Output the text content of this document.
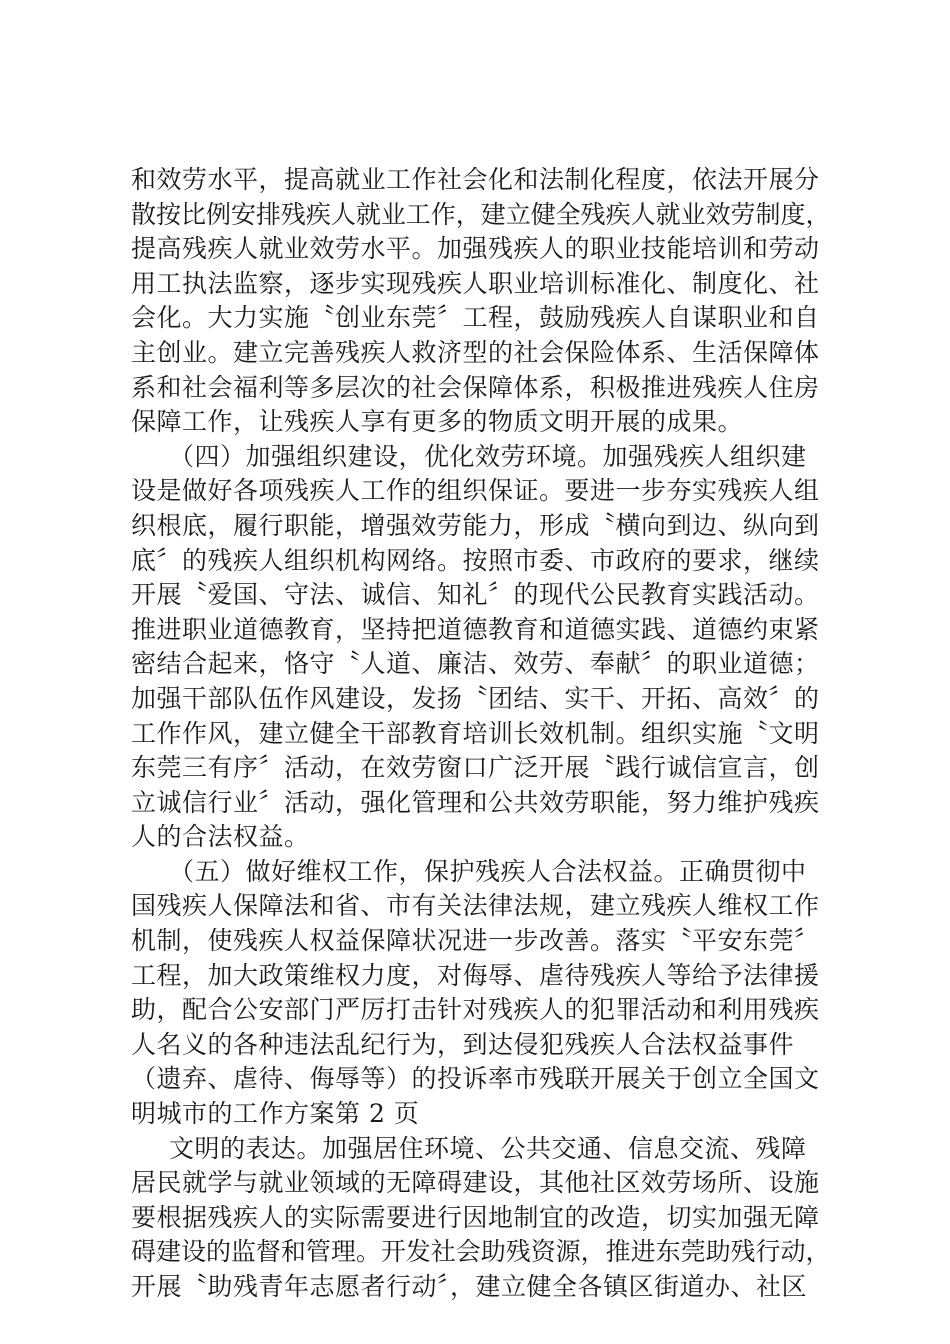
和效劳水平，提高就业工作社会化和法制化程度，依法开展分
散按比例安排残疾人就业工作，建立健全残疾人就业效劳制度，
提高残疾人就业效劳水平。加强残疾人的职业技能培训和劳动
用工执法监察，逐步实现残疾人职业培训标准化、制度化、社
会化。大力实施〝创业东莞〞工程，鼓励残疾人自谋职业和自
主创业。建立完善残疾人救济型的社会保险体系、生活保障体
系和社会福利等多层次的社会保障体系，积极推进残疾人住房
保障工作，让残疾人享有更多的物质文明开展的成果。
（四）加强组织建设，优化效劳环境。加强残疾人组织建
设是做好各项残疾人工作的组织保证。要进一步夯实残疾人组
织根底，履行职能，增强效劳能力，形成〝横向到边、纵向到
底〞的残疾人组织机构网络。按照市委、市政府的要求，继续
开展〝爱国、守法、诚信、知礼〞的现代公民教育实践活动。
推进职业道德教育，坚持把道德教育和道德实践、道德约束紧
密结合起来，恪守〝人道、廉洁、效劳、奉献〞的职业道德；
加强干部队伍作风建设，发扬〝团结、实干、开拓、高效〞的
工作作风，建立健全干部教育培训长效机制。组织实施〝文明
东莞三有序〞活动，在效劳窗口广泛开展〝践行诚信宣言，创
立诚信行业〞活动，强化管理和公共效劳职能，努力维护残疾
人的合法权益。
（五）做好维权工作，保护残疾人合法权益。正确贯彻中
国残疾人保障法和省、市有关法律法规，建立残疾人维权工作
机制，使残疾人权益保障状况进一步改善。落实〝平安东莞〞
工程，加大政策维权力度，对侮辱、虐待残疾人等给予法律援
助，配合公安部门严厉打击针对残疾人的犯罪活动和利用残疾
人名义的各种违法乱纪行为，到达侵犯残疾人合法权益事件
（遗弃、虐待、侮辱等）的投诉率市残联开展关于创立全国文
明城市的工作方案第 2 页
文明的表达。加强居住环境、公共交通、信息交流、残障
居民就学与就业领域的无障碍建设，其他社区效劳场所、设施
要根据残疾人的实际需要进行因地制宜的改造，切实加强无障
碍建设的监督和管理。开发社会助残资源，推进东莞助残行动，
开展〝助残青年志愿者行动〞，建立健全各镇区街道办、社区
